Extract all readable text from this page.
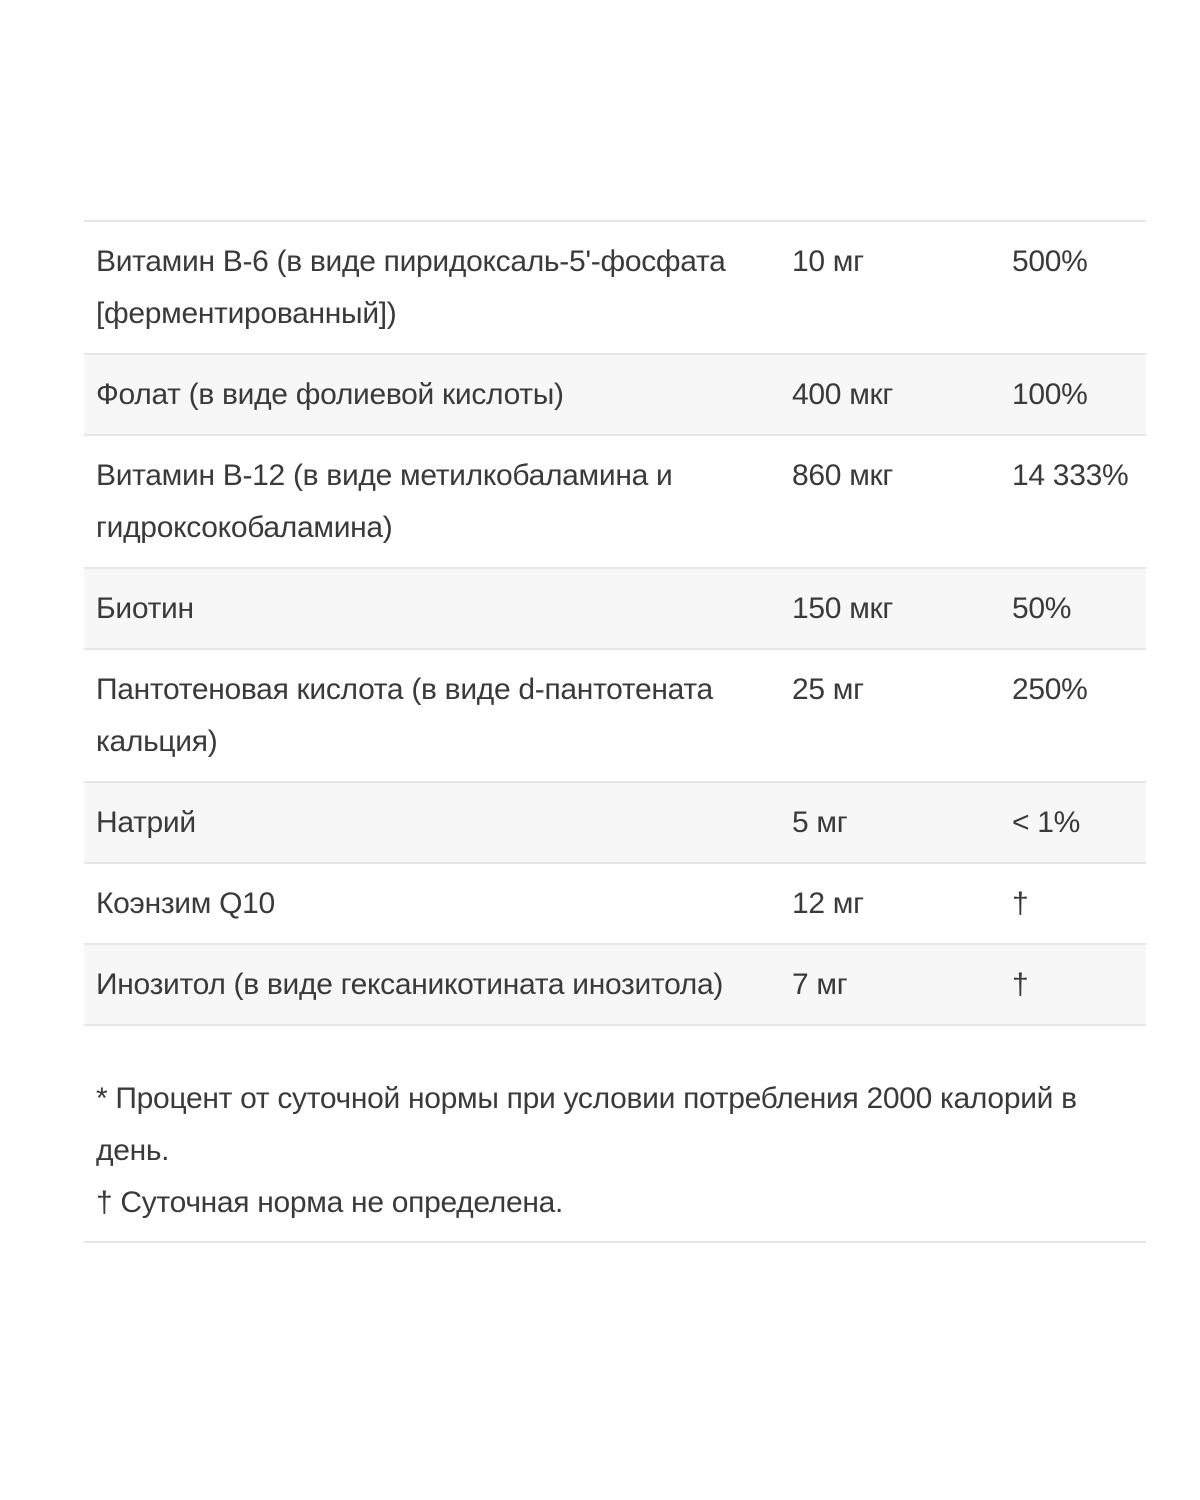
Витамин B-6 (в виде пиридоксаль-5'-фосфата [ферментированный])	10 мг	500%
Фолат (в виде фолиевой кислоты)	400 мкг	100%
Витамин B-12 (в виде метилкобаламина и гидроксокобаламина)	860 мкг	14 333%
Биотин	150 мкг	50%
Пантотеновая кислота (в виде d-пантотената кальция)	25 мг	250%
Натрий	5 мг	< 1%
Коэнзим Q10	12 мг	†
Инозитол (в виде гексаникотината инозитола)	7 мг	†

* Процент от суточной нормы при условии потребления 2000 калорий в день.

† Суточная норма не определена.
